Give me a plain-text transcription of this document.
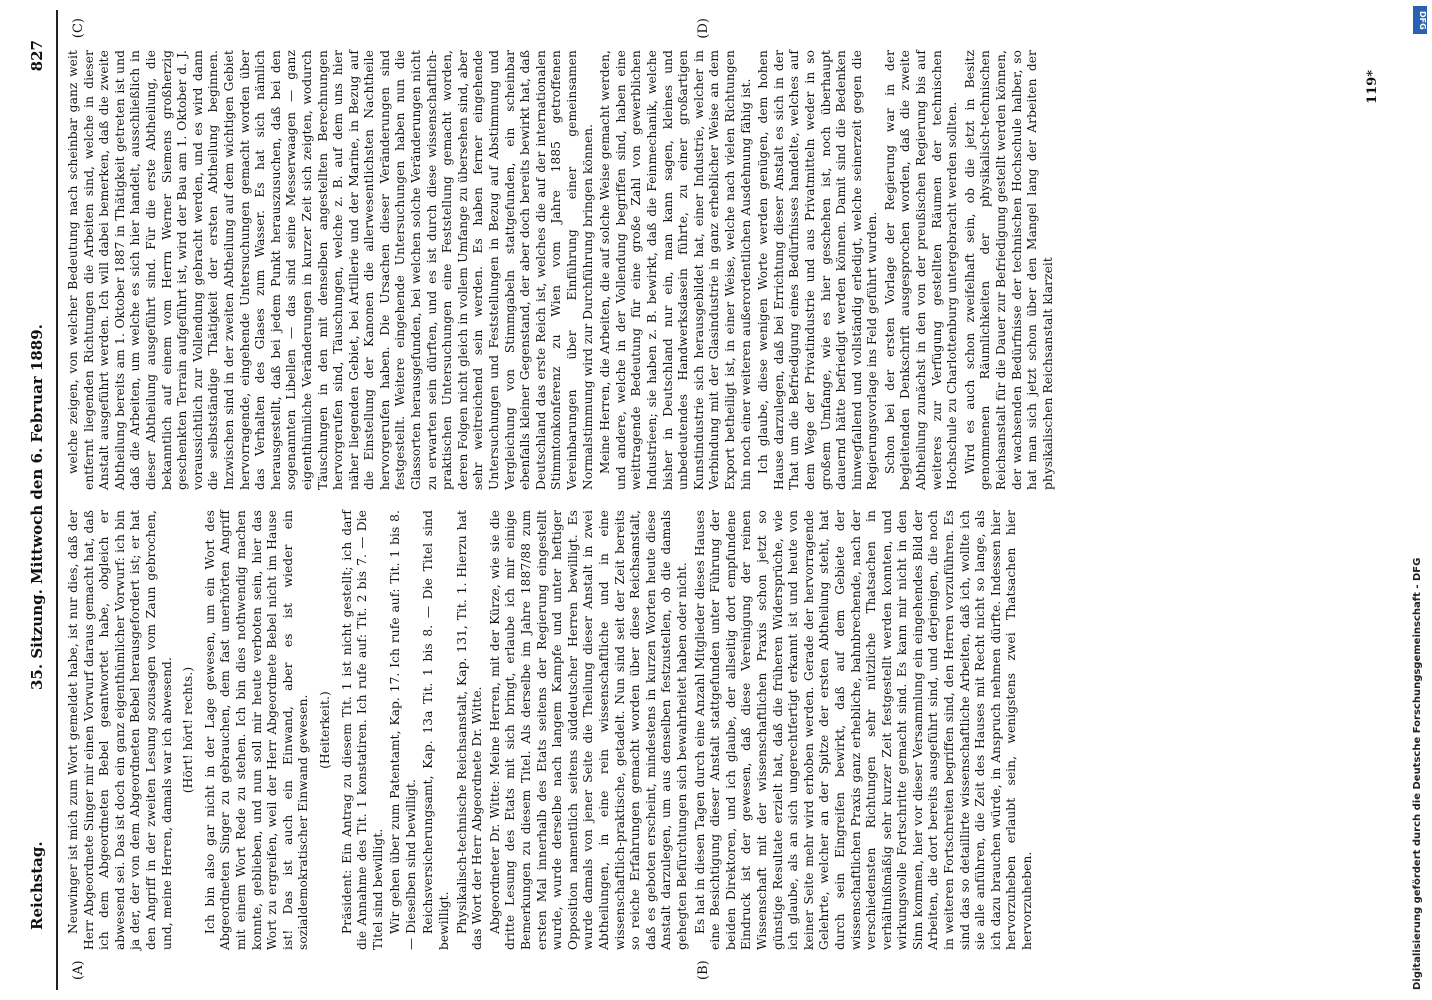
Reichstag.
35. Sitzung. Mittwoch den 6. Februar 1889.
827
(A)	(B)
(C)	(D)

Neuwinger ist mich zum Wort gemeldet habe, ist nur dies, daß der Herr Abgeordnete Singer mir einen Vorwurf daraus gemacht hat, daß ich dem Abgeordneten Bebel geantwortet habe, obgleich er abwesend sei. Das ist doch ein ganz eigenthümlicher Vorwurf: ich bin ja der, der von dem Abgeordneten Bebel herausgefordert ist; er hat den Angriff in der zweiten Lesung sozusagen vom Zaun gebrochen, und, meine Herren, damals war ich abwesend. (Hört! hört! rechts.) Ich bin also gar nicht in der Lage gewesen, um ein Wort des Abgeordneten Singer zu gebrauchen, dem fast unerhörten Angriff mit einem Wort Rede zu stehen. Ich bin dies nothwendig machen konnte, geblieben, und nun soll mir heute verboten sein, hier das Wort zu ergreifen, weil der Herr Abgeordnete Bebel nicht im Hause ist! Das ist auch ein Einwand, aber es ist wieder ein sozialdemokratischer Einwand gewesen. (Heiterkeit.) Präsident: Ein Antrag zu diesem Tit. 1 ist nicht gestellt; ich darf die Annahme des Tit. 1 konstatiren. Ich rufe auf: Tit. 2 bis 7. — Die Titel sind bewilligt. Wir gehen über zum Patentamt, Kap. 17. Ich rufe auf: Tit. 1 bis 8. — Dieselben sind bewilligt. Reichsversicherungsamt, Kap. 13a Tit. 1 bis 8. — Die Titel sind bewilligt. Physikalisch-technische Reichsanstalt, Kap. 131, Tit. 1. Hierzu hat das Wort der Herr Abgeordnete Dr. Witte. Abgeordneter Dr. Witte: Meine Herren, mit der Kürze, wie sie die dritte Lesung des Etats mit sich bringt, erlaube ich mir einige Bemerkungen zu diesem Titel. Als derselbe im Jahre 1887/88 zum ersten Mal innerhalb des Etats seitens der Regierung eingestellt wurde, wurde derselbe nach langem Kampfe und unter heftiger Opposition namentlich seitens süddeutscher Herren bewilligt. Es wurde damals von jener Seite die Theilung dieser Anstalt in zwei Abtheilungen, in eine rein wissenschaftliche und in eine wissenschaftlich-praktische, getadelt. Nun sind seit der Zeit bereits so reiche Erfahrungen gemacht worden über diese Reichsanstalt, daß es geboten erscheint, mindestens in kurzen Worten heute diese Anstalt darzulegen, um aus denselben festzustellen, ob die damals gehegten Befürchtungen sich bewahrheitet haben oder nicht. Es hat in diesen Tagen durch eine Anzahl Mitglieder dieses Hauses eine Besichtigung dieser Anstalt stattgefunden unter Führung der beiden Direktoren, und ich glaube, der allseitig dort empfundene Eindruck ist der gewesen, daß diese Vereinigung der reinen Wissenschaft mit der wissenschaftlichen Praxis schon jetzt so günstige Resultate erzielt hat, daß die früheren Widersprüche, wie ich glaube, als an sich ungerechtfertigt erkannt ist und heute von keiner Seite mehr wird erhoben werden. Gerade der hervorragende Gelehrte, welcher an der Spitze der ersten Abtheilung steht, hat durch sein Eingreifen bewirkt, daß auf dem Gebiete der wissenschaftlichen Praxis ganz erhebliche, bahnbrechende, nach der verschiedensten Richtungen sehr nützliche Thatsachen in verhältnißmäßig sehr kurzer Zeit festgestellt werden konnten, und wirkungsvolle Fortschritte gemacht sind. Es kann mir nicht in den Sinn kommen, hier vor dieser Versammlung ein eingehendes Bild der Arbeiten, die dort bereits ausgeführt sind, und derjenigen, die noch in weiteren Fortschreiten begriffen sind, den Herren vorzuführen. Es sind das so detaillirte wissenschaftliche Arbeiten, daß ich, wollte ich sie alle anführen, die Zeit des Hauses mit Recht nicht so lange, als ich dazu brauchen würde, in Anspruch nehmen dürfte. Indessen hier hervorzuheben erlaubt sein, wenigstens zwei Thatsachen hier hervorzuheben.

welche zeigen, von welcher Bedeutung nach scheinbar ganz weit entfernt liegenden Richtungen die Arbeiten sind, welche in dieser Anstalt ausgeführt werden. Ich will dabei bemerken, daß die zweite Abtheilung bereits am 1. Oktober 1887 in Thätigkeit getreten ist und daß die Arbeiten, um welche es sich hier handelt, ausschließlich in dieser Abtheilung ausgeführt sind. Für die erste Abtheilung, die bekanntlich auf einem vom Herrn Werner Siemens großherzig geschenkten Terrain aufgeführt ist, wird der Bau am 1. Oktober d. J. voraussichtlich zur Vollendung gebracht werden, und es wird dann die selbstständige Thätigkeit der ersten Abtheilung beginnen. Inzwischen sind in der zweiten Abtheilung auf dem wichtigen Gebiet hervorragende, eingehende Untersuchungen gemacht worden über das Verhalten des Glases zum Wasser. Es hat sich nämlich herausgestellt, daß bei jedem Punkt herauszusuchen, daß bei den sogenannten Libellen — das sind seine Messerwaagen — ganz eigenthümliche Veränderungen in kurzer Zeit sich zeigten, wodurch Täuschungen in den mit denselben angestellten Berechnungen hervorgerufen sind, Täuschungen, welche z. B. auf dem uns hier näher liegenden Gebiet, bei Artillerie und der Marine, in Bezug auf die Einstellung der Kanonen die allerwesentlichsten Nachtheile hervorgerufen haben. Die Ursachen dieser Veränderungen sind festgestellt. Weitere eingehende Untersuchungen haben nun die Glassorten herausgefunden, bei welchen solche Veränderungen nicht zu erwarten sein dürften, und es ist durch diese wissenschaftlich-praktischen Untersuchungen eine Feststellung gemacht worden, deren Folgen nicht gleich in vollem Umfange zu übersehen sind, aber sehr weitreichend sein werden. Es haben ferner eingehende Untersuchungen und Feststellungen in Bezug auf Abstimmung und Vergleichung von Stimmgabeln stattgefunden, ein scheinbar ebenfalls kleiner Gegenstand, der aber doch bereits bewirkt hat, daß Deutschland das erste Reich ist, welches die auf der internationalen Stimmtonkonferenz zu Wien vom Jahre 1885 getroffenen Vereinbarungen über Einführung einer gemeinsamen Normalstimmung wird zur Durchführung bringen können. Meine Herren, die Arbeiten, die auf solche Weise gemacht werden, und andere, welche in der Vollendung begriffen sind, haben eine weittragende Bedeutung für eine große Zahl von gewerblichen Industrieen; sie haben z. B. bewirkt, daß die Feinmechanik, welche bisher in Deutschland nur ein, man kann sagen, kleines und unbedeutendes Handwerksdasein führte, zu einer großartigen Kunstindustrie sich herausgebildet hat, einer Industrie, welcher in Verbindung mit der Glasindustrie in ganz erheblicher Weise an dem Export betheiligt ist, in einer Weise, welche nach vielen Richtungen hin noch einer weiteren außerordentlichen Ausdehnung fähig ist. Ich glaube, diese wenigen Worte werden genügen, dem hohen Hause darzulegen, daß bei Errichtung dieser Anstalt es sich in der That um die Befriedigung eines Bedürfnisses handelte, welches auf dem Wege der Privatindustrie und aus Privatmitteln weder in so großem Umfange, wie es hier geschehen ist, noch überhaupt dauernd hätte befriedigt werden können. Damit sind die Bedenken hinwegfallend und vollständig erledigt, welche seinerzeit gegen die Regierungsvorlage ins Feld geführt wurden. Schon bei der ersten Vorlage der Regierung war in der begleitenden Denkschrift ausgesprochen worden, daß die zweite Abtheilung zunächst in den von der preußischen Regierung bis auf weiteres zur Verfügung gestellten Räumen der technischen Hochschule zu Charlottenburg untergebracht werden sollten. Wird es auch schon zweifelhaft sein, ob die jetzt in Besitz genommenen Räumlichkeiten der physikalisch-technischen Reichsanstalt für die Dauer zur Befriedigung gestellt werden können, der wachsenden Bedürfnisse der technischen Hochschule halber, so hat man sich jetzt schon über den Mangel lang der Arbeiten der physikalischen Reichsanstalt klarzeit

119*
DFG
Digitalisierung gefördert durch die Deutsche Forschungsgemeinschaft - DFG
